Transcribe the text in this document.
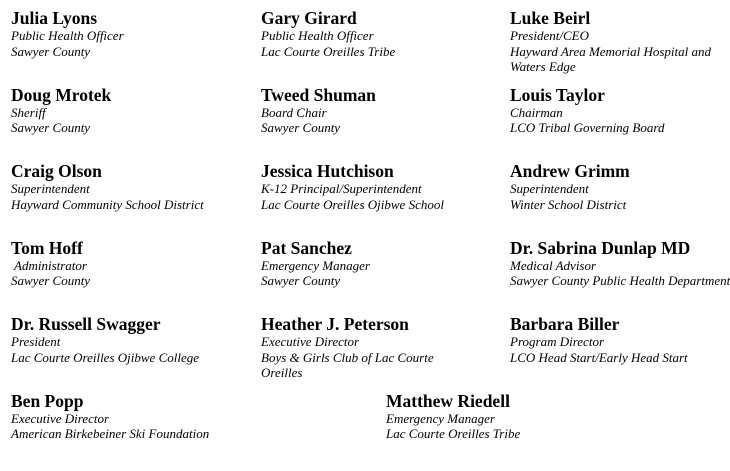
Julia Lyons
Public Health Officer
Sawyer County
Gary Girard
Public Health Officer
Lac Courte Oreilles Tribe
Luke Beirl
President/CEO
Hayward Area Memorial Hospital and Waters Edge
Doug Mrotek
Sheriff
Sawyer County
Tweed Shuman
Board Chair
Sawyer County
Louis Taylor
Chairman
LCO Tribal Governing Board
Craig Olson
Superintendent
Hayward Community School District
Jessica Hutchison
K-12 Principal/Superintendent
Lac Courte Oreilles Ojibwe School
Andrew Grimm
Superintendent
Winter School District
Tom Hoff
Administrator
Sawyer County
Pat Sanchez
Emergency Manager
Sawyer County
Dr. Sabrina Dunlap MD
Medical Advisor
Sawyer County Public Health Department
Dr. Russell Swagger
President
Lac Courte Oreilles Ojibwe College
Heather J. Peterson
Executive Director
Boys & Girls Club of Lac Courte Oreilles
Barbara Biller
Program Director
LCO Head Start/Early Head Start
Ben Popp
Executive Director
American Birkebeiner Ski Foundation
Matthew Riedell
Emergency Manager
Lac Courte Oreilles Tribe
